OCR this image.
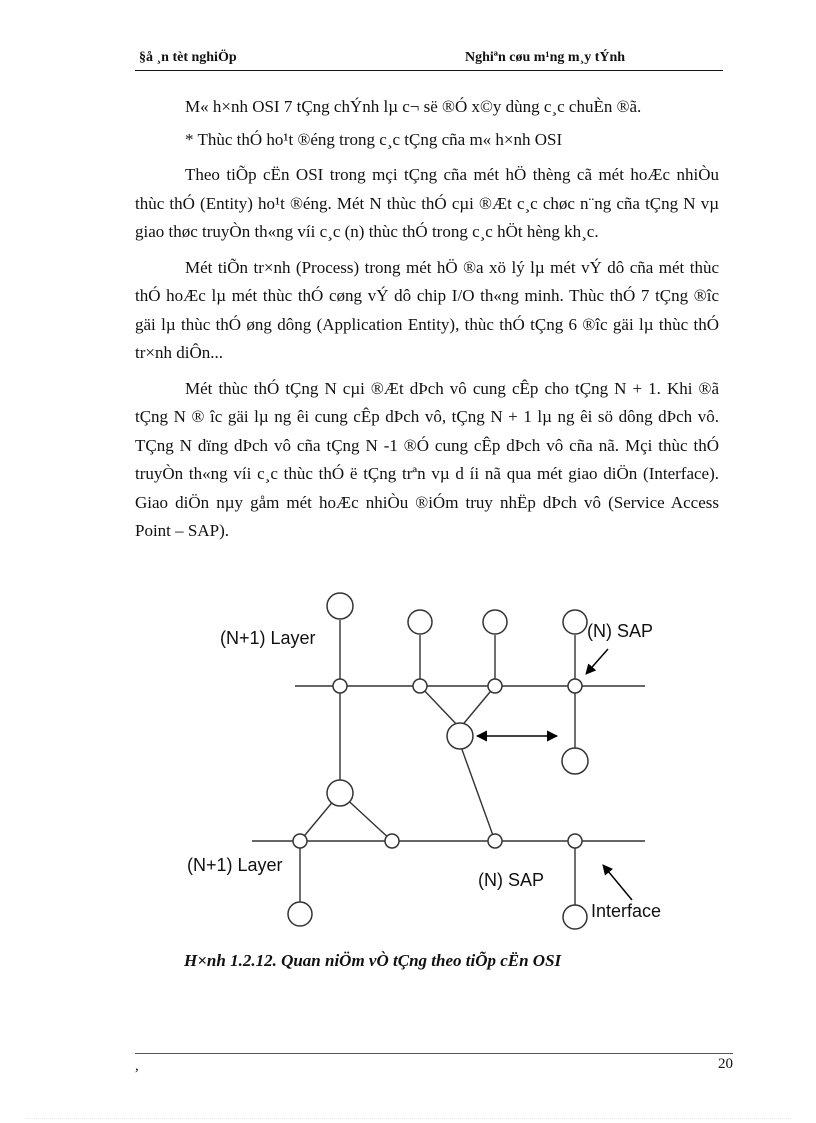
§å ¸n tèt nghiÖp	Nghiªn cøu m¹ng m¸y tÝnh

M« h×nh OSI 7 tÇng chÝnh lµ c¬ së ®Ó x©y dùng c¸c chuÈn ®ã.

* Thùc thÓ ho¹t ®éng trong c¸c tÇng cña m« h×nh OSI

Theo tiÕp cËn OSI trong mçi tÇng cña mét hÖ thèng cã mét hoÆc nhiÒu thùc thÓ (Entity) ho¹t ®éng. Mét N thùc thÓ cµi ®Æt c¸c chøc n¨ng cña tÇng N vµ giao thøc truyÒn th«ng víi c¸c (n) thùc thÓ trong c¸c hÖt hèng kh¸c.

Mét tiÕn tr×nh (Process) trong mét hÖ ®a xö lý lµ mét vÝ dô cña mét thùc thÓ hoÆc lµ mét thùc thÓ cøng vÝ dô chip I/O th«ng minh. Thùc thÓ 7 tÇng ®îc gäi lµ thùc thÓ øng dông (Application Entity), thùc thÓ tÇng 6 ®îc gäi lµ thùc thÓ tr×nh diÔn...

Mét thùc thÓ tÇng N cµi ®Æt dÞch vô cung cÊp cho tÇng N + 1. Khi ®ã tÇng N ® îc gäi lµ ng êi cung cÊp dÞch vô, tÇng N + 1 lµ ng êi sö dông dÞch vô. TÇng N dïng dÞch vô cña tÇng N -1 ®Ó cung cÊp dÞch vô cña nã. Mçi thùc thÓ truyÒn th«ng víi c¸c thùc thÓ ë tÇng trªn vµ d íi nã qua mét giao diÖn (Interface). Giao diÖn nµy gåm mét hoÆc nhiÒu ®iÓm truy nhËp dÞch vô (Service Access Point – SAP).

(N+1) Layer	(N) SAP
(N+1) Layer
(N) SAP
Interface
H×nh 1.2.12. Quan niÖm vÒ tÇng theo tiÕp cËn OSI
,	20
